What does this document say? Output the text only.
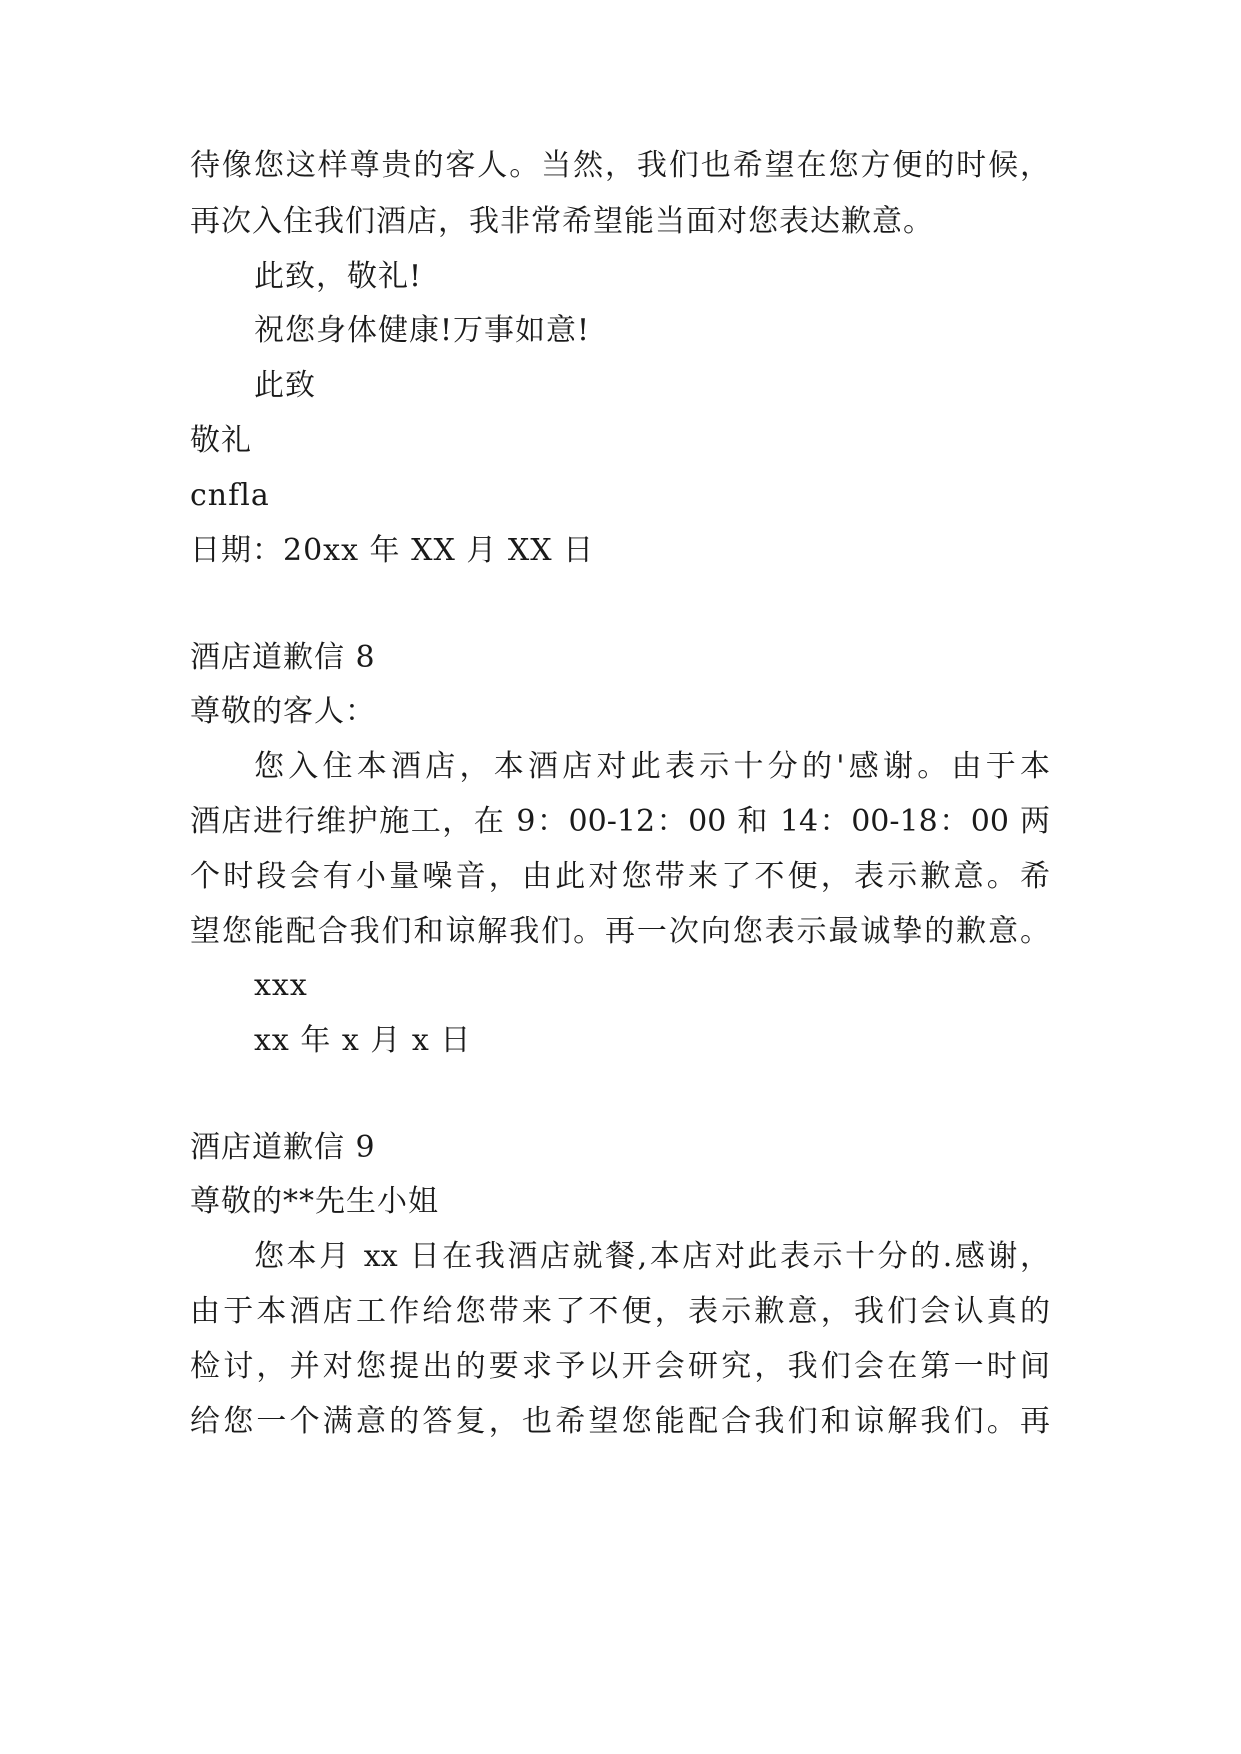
待像您这样尊贵的客人。当然，我们也希望在您方便的时候，
再次入住我们酒店，我非常希望能当面对您表达歉意。
此致，敬礼!
祝您身体健康!万事如意!
此致
敬礼
cnfla
日期：20xx 年 XX 月 XX 日
酒店道歉信 8
尊敬的客人：
您入住本酒店，本酒店对此表示十分的'感谢。由于本
酒店进行维护施工，在 9：00-12：00 和 14：00-18：00 两
个时段会有小量噪音，由此对您带来了不便，表示歉意。希
望您能配合我们和谅解我们。再一次向您表示最诚挚的歉意。
xxx
xx 年 x 月 x 日
酒店道歉信 9
尊敬的**先生小姐
您本月 xx 日在我酒店就餐,本店对此表示十分的.感谢，
由于本酒店工作给您带来了不便，表示歉意，我们会认真的
检讨，并对您提出的要求予以开会研究，我们会在第一时间
给您一个满意的答复，也希望您能配合我们和谅解我们。再
